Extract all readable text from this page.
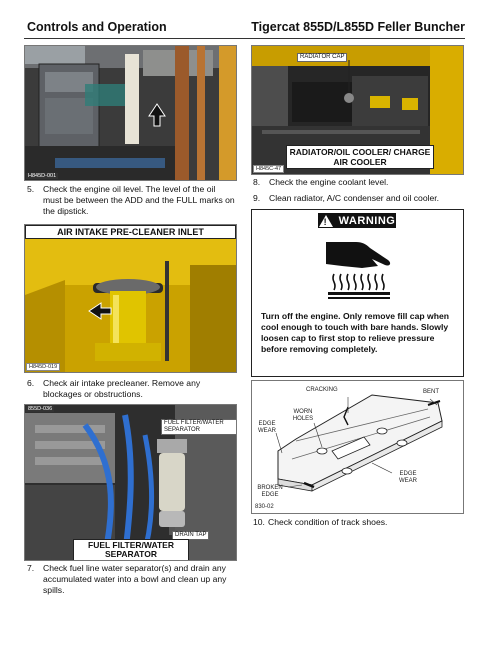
Controls and Operation	Tigercat 855D/L855D Feller Buncher
H845D-001
5. Check the engine oil level. The level of the oil must be between the ADD and the FULL marks on the dipstick.
AIR INTAKE PRE-CLEANER INLET
H845D-019
6. Check air intake precleaner. Remove any blockages or obstructions.
855D-036
FUEL FILTER/WATER SEPARATOR
DRAIN TAP
FUEL FILTER/WATER SEPARATOR
7. Check fuel line water separator(s) and drain any accumulated water into a bowl and clean up any spills.
RADIATOR CAP
RADIATOR/OIL COOLER/ CHARGE AIR COOLER
H845C-47
8. Check the engine coolant level.
9. Clean radiator, A/C condenser and oil cooler.
! WARNING
Turn off the engine. Only remove fill cap when cool enough to touch with bare hands. Slowly loosen cap to first stop to relieve pressure before removing completely.
CRACKING	BENT
WORN HOLES
EDGE WEAR
EDGE WEAR
BROKEN EDGE
830-02
10. Check condition of track shoes.
